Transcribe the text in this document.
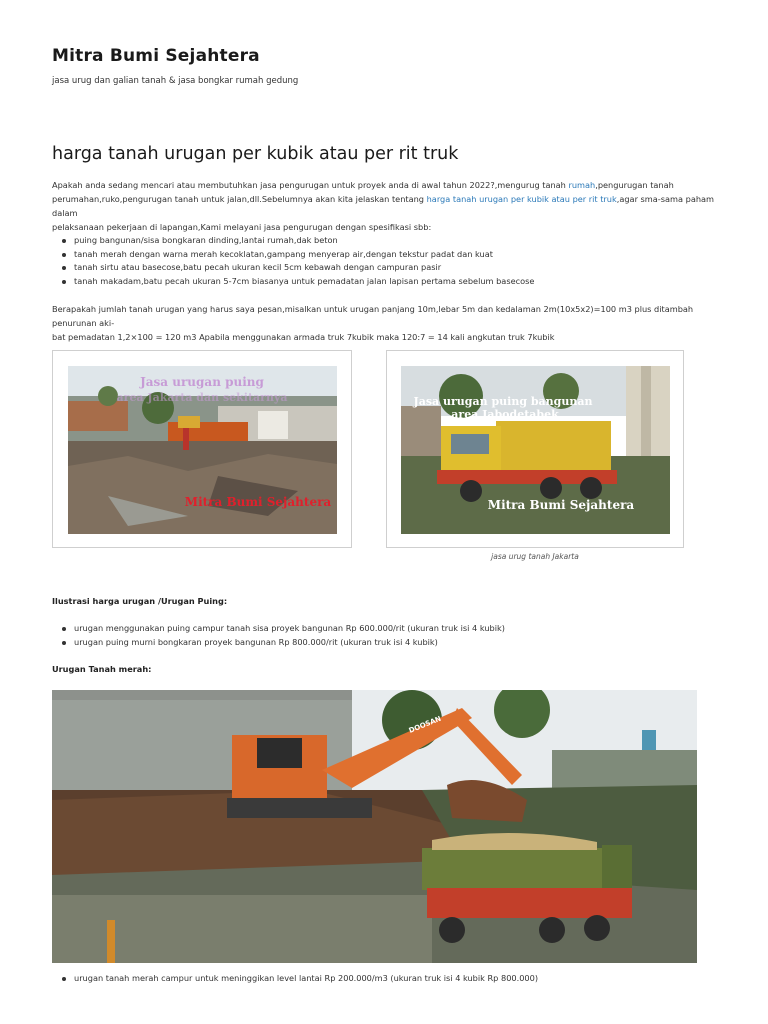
Mitra Bumi Sejahtera
jasa urug dan galian tanah & jasa bongkar rumah gedung
harga tanah urugan per kubik atau per rit truk
Apakah anda sedang mencari atau membutuhkan jasa pengurugan untuk proyek anda di awal tahun 2022?,mengurug tanah rumah,pengurugan tanah
perumahan,ruko,pengurugan tanah untuk jalan,dll.Sebelumnya akan kita jelaskan tentang harga tanah urugan per kubik atau per rit truk,agar sma-sama paham dalam
pelaksanaan pekerjaan di lapangan,Kami melayani jasa pengurugan dengan spesifikasi sbb:
puing bangunan/sisa bongkaran dinding,lantai rumah,dak beton
tanah merah dengan warna merah kecoklatan,gampang menyerap air,dengan tekstur padat dan kuat
tanah sirtu atau basecose,batu pecah ukuran kecil 5cm kebawah dengan campuran pasir
tanah makadam,batu pecah ukuran 5-7cm biasanya untuk pemadatan jalan lapisan pertama sebelum basecose
Berapakah jumlah tanah urugan yang harus saya pesan,misalkan untuk urugan panjang 10m,lebar 5m dan kedalaman 2m(10x5x2)=100 m3 plus ditambah penurunan aki-
bat pemadatan 1,2×100 = 120 m3 Apabila menggunakan armada truk 7kubik maka 120:7 = 14 kali angkutan truk 7kubik
Jasa urugan puing
area Jakarta dan sekitarnya
Mitra Bumi Sejahtera
Jasa urugan puing bangunan
area Jabodetabek
Mitra Bumi Sejahtera
jasa urug tanah Jakarta
Ilustrasi harga urugan /Urugan Puing:
urugan menggunakan puing campur tanah sisa proyek bangunan Rp 600.000/rit (ukuran truk isi 4 kubik)
urugan puing murni bongkaran proyek bangunan Rp 800.000/rit (ukuran truk isi 4 kubik)
Urugan Tanah merah:
DOOSAN
urugan tanah merah campur untuk meninggikan level lantai Rp 200.000/m3 (ukuran truk isi 4 kubik Rp 800.000)
